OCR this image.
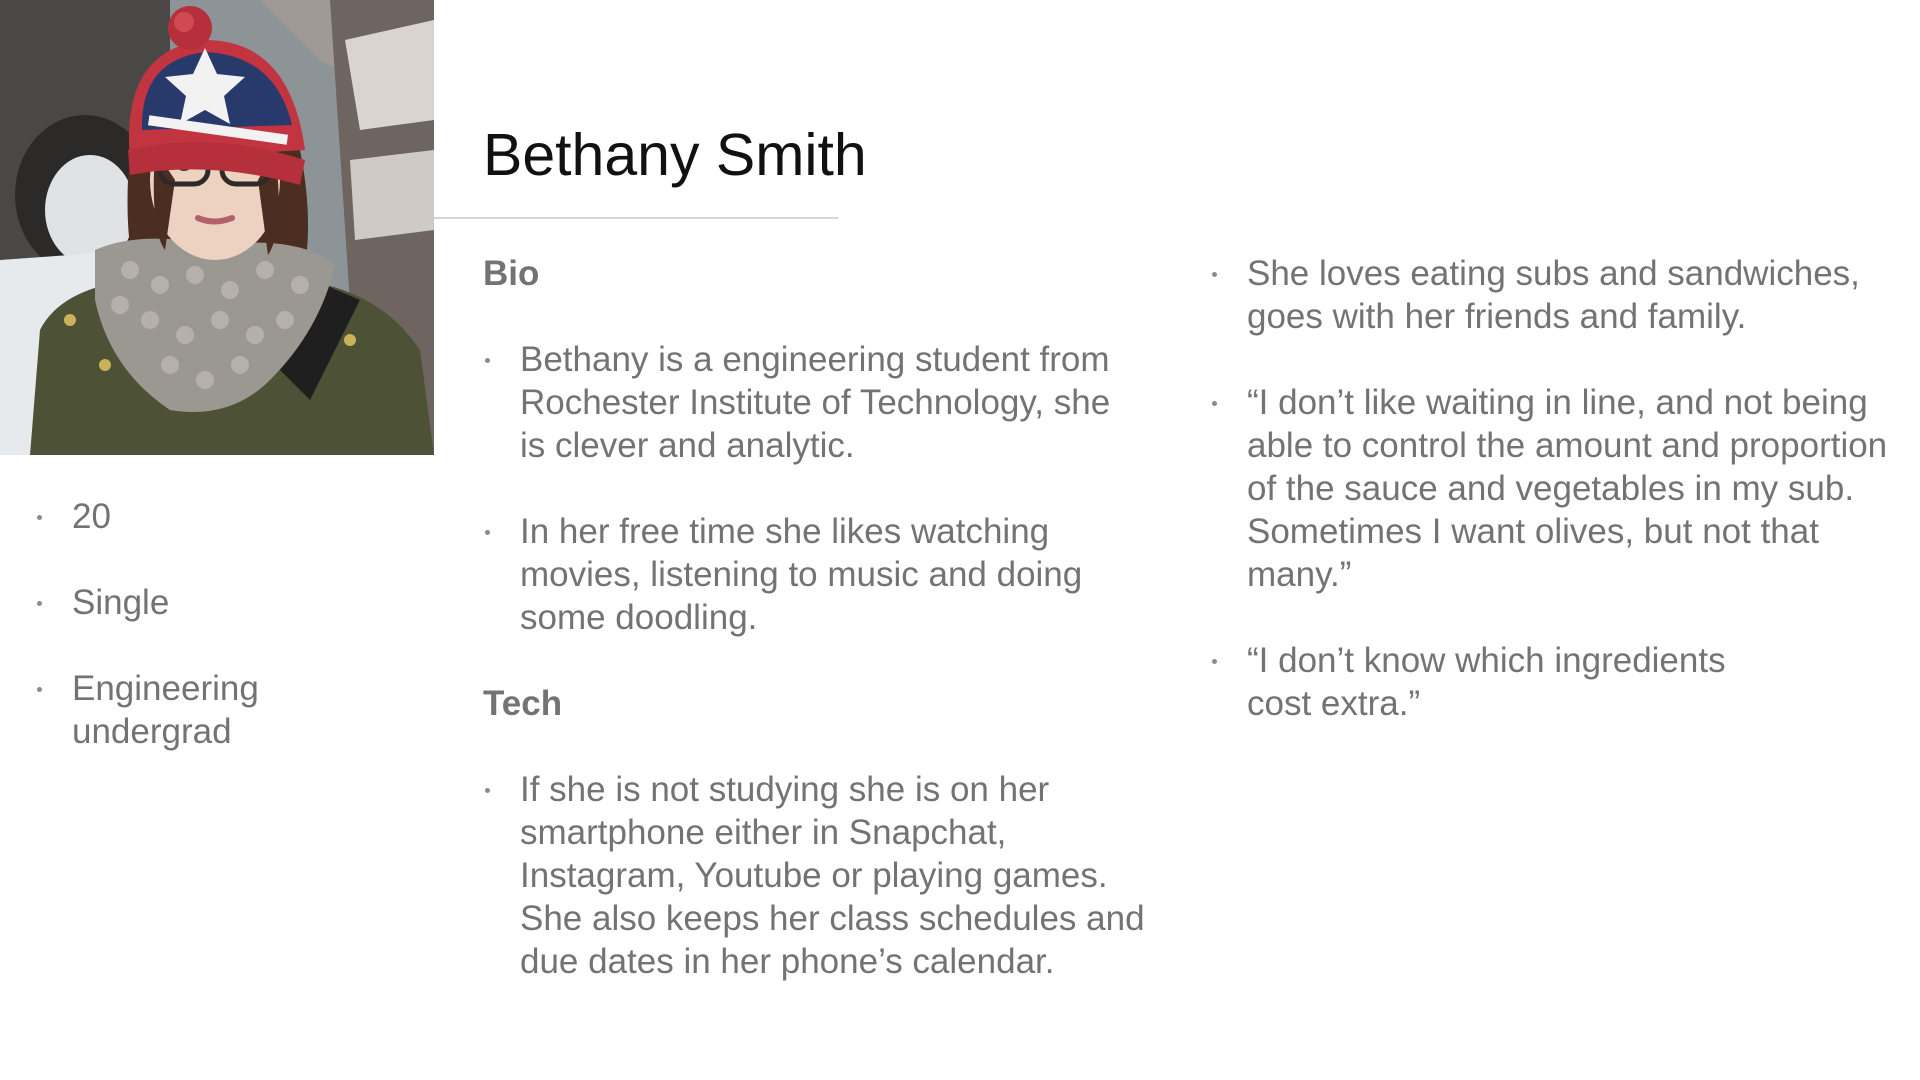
Bethany Smith
20
Single
Engineering undergrad

Bio

Bethany is a engineering student from Rochester Institute of Technology, she is clever and analytic.
In her free time she likes watching movies, listening to music and doing some doodling.

Tech

If she is not studying she is on her smartphone either in Snapchat, Instagram, Youtube or playing games. She also keeps her class schedules and due dates in her phone’s calendar.
She loves eating subs and sandwiches, goes with her friends and family.
“I don’t like waiting in line, and not being able to control the amount and proportion of the sauce and vegetables in my sub. Sometimes I want olives, but not that many.”
“I don’t know which ingredients cost extra.”
